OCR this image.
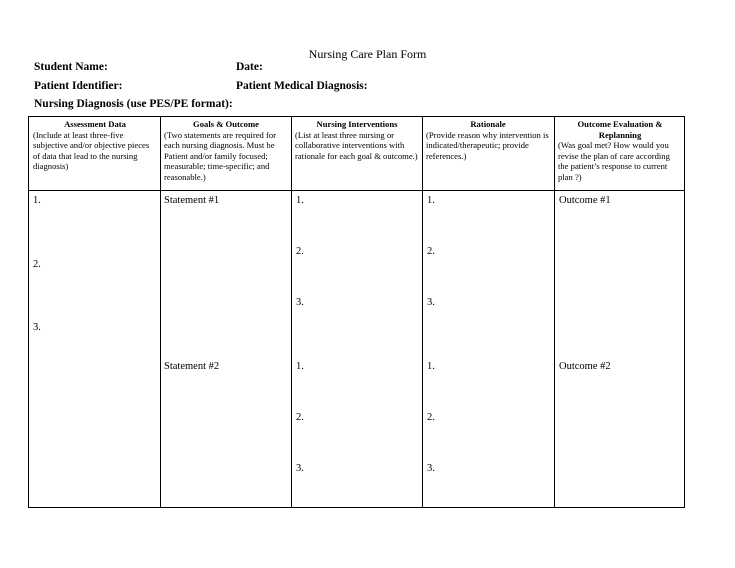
Nursing Care Plan Form
Student Name:	Date:
Patient Identifier:	Patient Medical Diagnosis:
Nursing Diagnosis (use PES/PE format):
Assessment Data
(Include at least three-five subjective and/or objective pieces of data that lead to the nursing diagnosis)
Goals & Outcome
(Two statements are required for each nursing diagnosis. Must be Patient and/or family focused; measurable; time-specific; and reasonable.)
Nursing Interventions
(List at least three nursing or collaborative interventions with rationale for each goal & outcome.)
Rationale
(Provide reason why intervention is indicated/therapeutic; provide references.)
Outcome Evaluation & Replanning
(Was goal met? How would you revise the plan of care according the patient’s response to current plan ?)
1.
2.
3.
Statement #1
Statement #2
1.
2.
3.
1.
2.
3.
1.
2.
3.
1.
2.
3.
Outcome #1
Outcome #2
